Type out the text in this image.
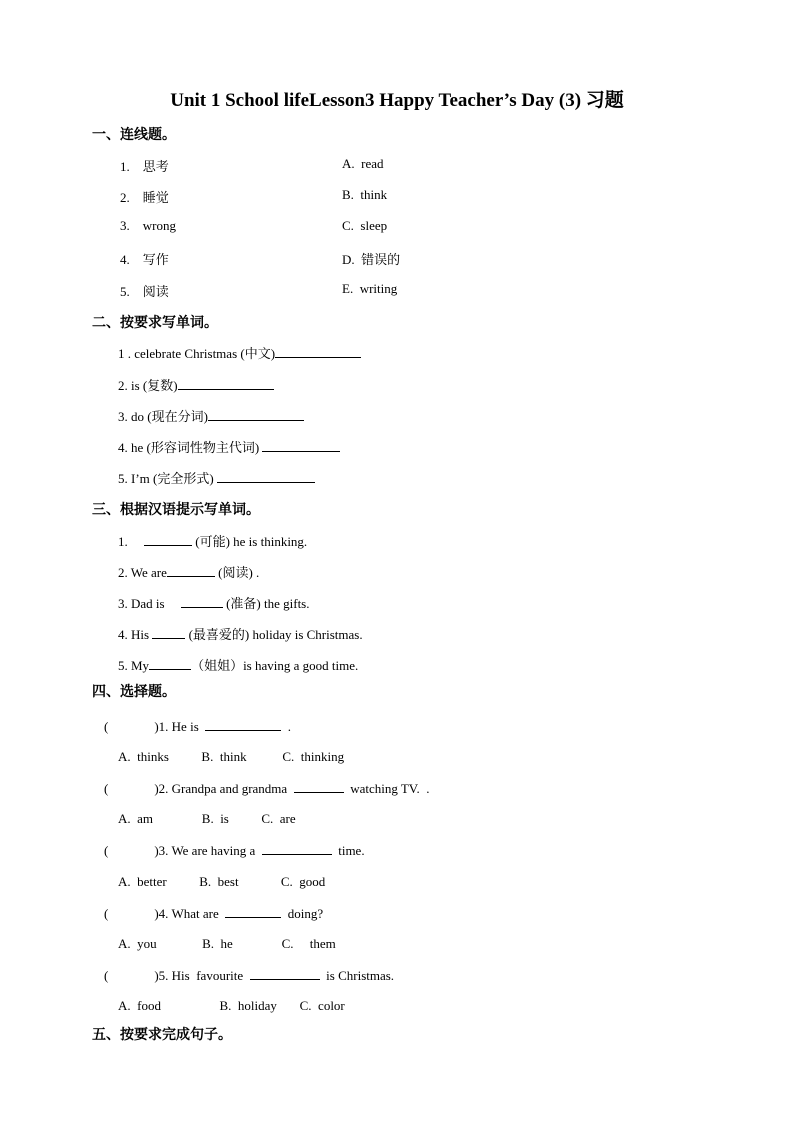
Unit 1 School lifeLesson3 Happy Teacher’s Day (3) 习题
一、连线题。
1.    思考	A.  read
2.    睡觉	B.  think
3.    wrong	C.  sleep
4.    写作	D.  错误的
5.    阅读	E.  writing
二、按要求写单词。
1 . celebrate Christmas (中文)
2. is (复数)
3. do (现在分词)
4. he (形容词性物主代词)
5. I’m (完全形式)
三、根据汉语提示写单词。
1.	(可能) he is thinking.
2. We are	(阅读) .
3. Dad is	(准备) the gifts.
4. His	(最喜爱的) holiday is Christmas.
5. My	（姐姐）is having a good time.
四、选择题。
(	)1. He is	.
A.  thinks          B.  think           C.  thinking
(	)2. Grandpa and grandma	watching TV.  .
A.  am               B.  is          C.  are
(	)3. We are having a	time.
A.  better          B.  best             C.  good
(	)4. What are	doing?
A.  you              B.  he               C.     them
(	)5. His  favourite	is Christmas.
A.  food                  B.  holiday       C.  color
五、按要求完成句子。
